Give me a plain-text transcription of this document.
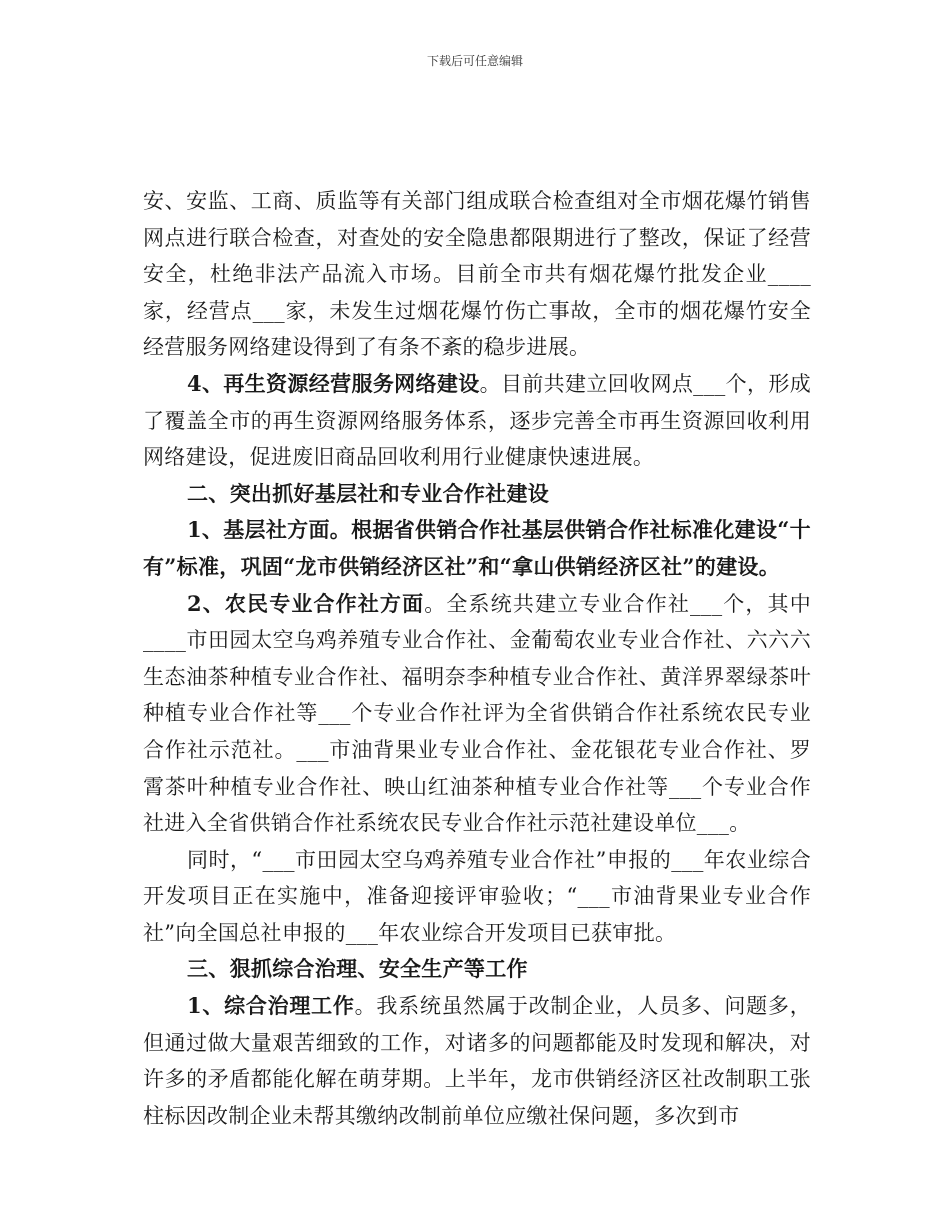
下载后可任意编辑

安、安监、工商、质监等有关部门组成联合检查组对全市烟花爆竹销售网点进行联合检查，对查处的安全隐患都限期进行了整改，保证了经营安全，杜绝非法产品流入市场。目前全市共有烟花爆竹批发企业____家，经营点___家，未发生过烟花爆竹伤亡事故，全市的烟花爆竹安全经营服务网络建设得到了有条不紊的稳步进展。

4、再生资源经营服务网络建设。目前共建立回收网点___个，形成了覆盖全市的再生资源网络服务体系，逐步完善全市再生资源回收利用网络建设，促进废旧商品回收利用行业健康快速进展。

二、突出抓好基层社和专业合作社建设

1、基层社方面。根据省供销合作社基层供销合作社标准化建设“十有”标准，巩固“龙市供销经济区社”和“拿山供销经济区社”的建设。

2、农民专业合作社方面。全系统共建立专业合作社___个，其中____市田园太空乌鸡养殖专业合作社、金葡萄农业专业合作社、六六六生态油茶种植专业合作社、福明奈李种植专业合作社、黄洋界翠绿茶叶种植专业合作社等___个专业合作社评为全省供销合作社系统农民专业合作社示范社。___市油背果业专业合作社、金花银花专业合作社、罗霄茶叶种植专业合作社、映山红油茶种植专业合作社等___个专业合作社进入全省供销合作社系统农民专业合作社示范社建设单位___。

同时，“___市田园太空乌鸡养殖专业合作社”申报的___年农业综合开发项目正在实施中，准备迎接评审验收；“___市油背果业专业合作社”向全国总社申报的___年农业综合开发项目已获审批。

三、狠抓综合治理、安全生产等工作

1、综合治理工作。我系统虽然属于改制企业，人员多、问题多，但通过做大量艰苦细致的工作，对诸多的问题都能及时发现和解决，对许多的矛盾都能化解在萌芽期。上半年，龙市供销经济区社改制职工张柱标因改制企业未帮其缴纳改制前单位应缴社保问题，多次到市
